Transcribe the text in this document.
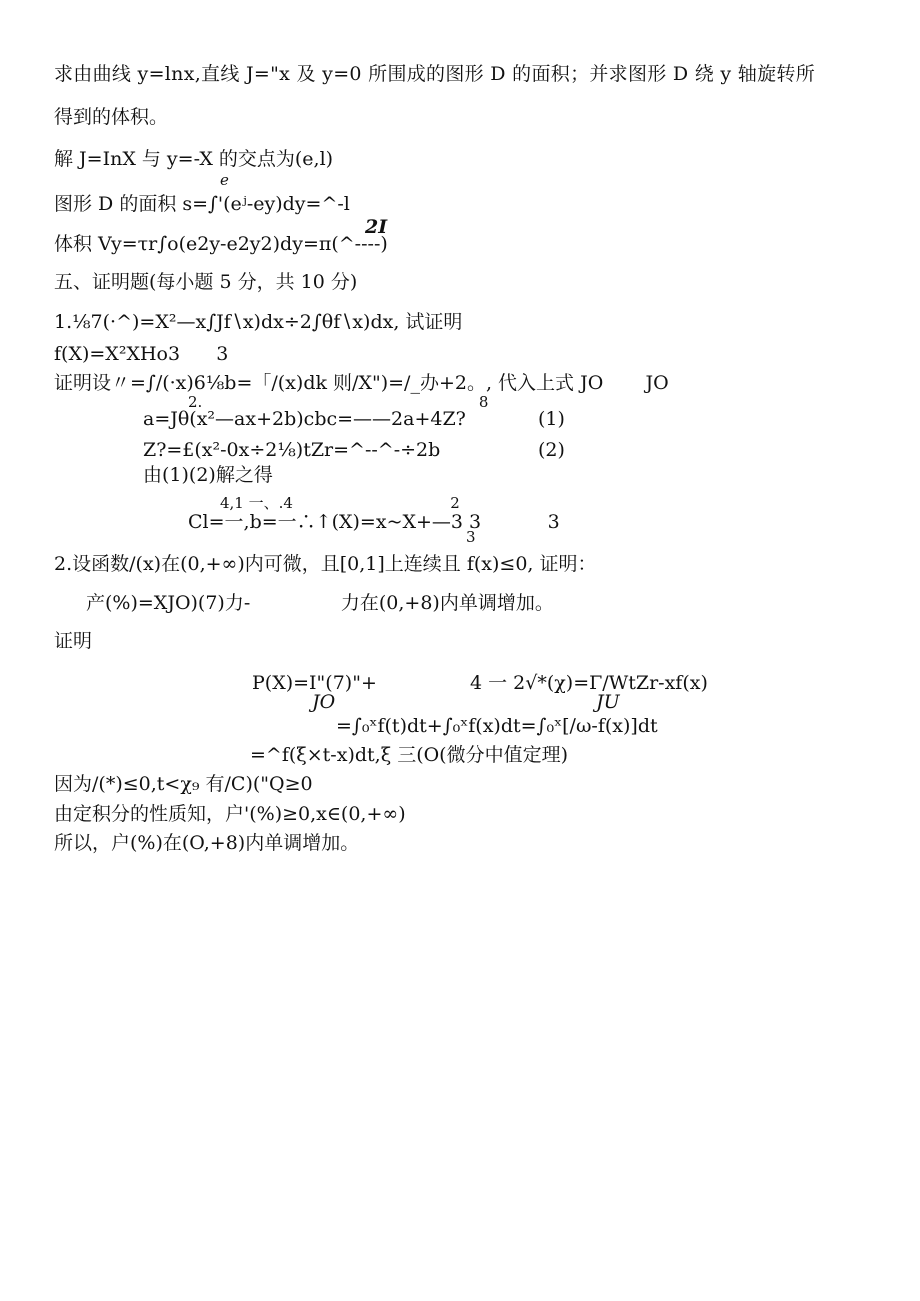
求由曲线 y=lnx,直线 J="x 及 y=0 所围成的图形 D 的面积；并求图形 D 绕 y 轴旋转所
得到的体积。
解 J=InX 与 y=-X 的交点为(e,l)
e
图形 D 的面积 s=∫'(eʲ-ey)dy=^-l
2I
体积 Vy=τr∫o(e2y-e2y2)dy=π(^----)
五、证明题(每小题 5 分，共 10 分)
1.⅛7(·^)=X²—x∫Jf∖x)dx÷2∫θf∖x)dx, 试证明
f(X)=X²XHo3      3
证明设〃=∫∕(·x)6⅛b=「/(x)dk 则/X")=/_办+2。, 代入上式 JO       JO
2.                                                          8
a=Jθ(x²—ax+2b)cbc=——2a+4Z?	(1)
Z?=£(x²-0x÷2⅛)tZr=^--^-÷2b	(2)
由(1)(2)解之得
4,1 一、.4                                 2
Cl=一,b=一∴↑(X)=x~X+—3 3           3
3
2.设函数/(x)在(0,+∞)内可微，且[0,1]上连续且 f(x)≤0, 证明：
产(%)=XJO)(7)力-               力在(0,+8)内单调增加。
证明
P(X)=I"(7)"+	4 一 2√*(χ)=Γ/WtZr-xf(x)
JO	JU
=∫₀ˣf(t)dt+∫₀ˣf(x)dt=∫₀ˣ[∕ω-f(x)]dt
=^f(ξ×t-x)dt,ξ 三(O(微分中值定理)
因为/(*)≤0,t<χ₉ 有/C)("Q≥0
由定积分的性质知，户'(%)≥0,x∈(0,+∞)
所以，户(%)在(O,+8)内单调增加。
